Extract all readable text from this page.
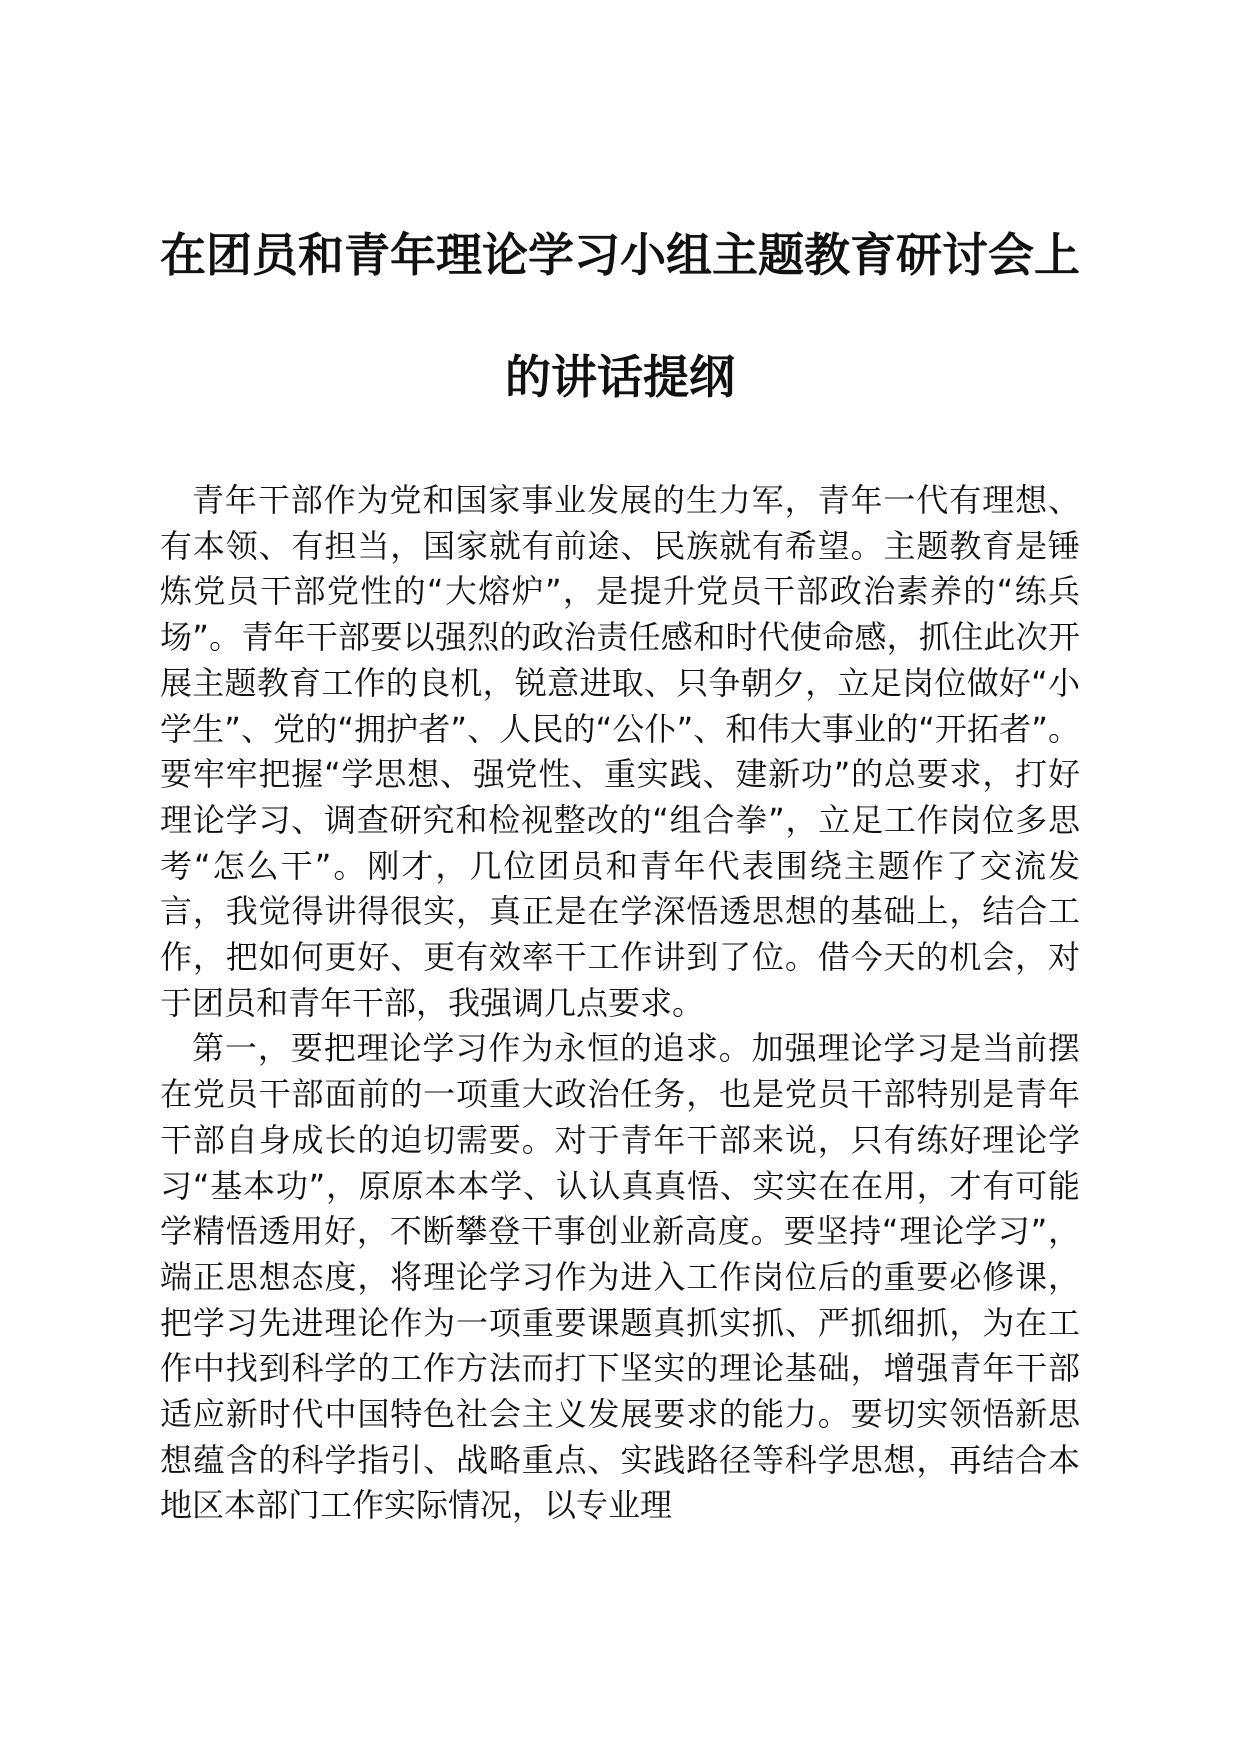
在团员和青年理论学习小组主题教育研讨会上
的讲话提纲

青年干部作为党和国家事业发展的生力军，青年一代有理想、有本领、有担当，国家就有前途、民族就有希望。主题教育是锤炼党员干部党性的“大熔炉”，是提升党员干部政治素养的“练兵场”。青年干部要以强烈的政治责任感和时代使命感，抓住此次开展主题教育工作的良机，锐意进取、只争朝夕，立足岗位做好“小学生”、党的“拥护者”、人民的“公仆”、和伟大事业的“开拓者”。要牢牢把握“学思想、强党性、重实践、建新功”的总要求，打好理论学习、调查研究和检视整改的“组合拳”，立足工作岗位多思考“怎么干”。刚才，几位团员和青年代表围绕主题作了交流发言，我觉得讲得很实，真正是在学深悟透思想的基础上，结合工作，把如何更好、更有效率干工作讲到了位。借今天的机会，对于团员和青年干部，我强调几点要求。

第一，要把理论学习作为永恒的追求。加强理论学习是当前摆在党员干部面前的一项重大政治任务，也是党员干部特别是青年干部自身成长的迫切需要。对于青年干部来说，只有练好理论学习“基本功”，原原本本学、认认真真悟、实实在在用，才有可能学精悟透用好，不断攀登干事创业新高度。要坚持“理论学习”，端正思想态度，将理论学习作为进入工作岗位后的重要必修课，把学习先进理论作为一项重要课题真抓实抓、严抓细抓，为在工作中找到科学的工作方法而打下坚实的理论基础，增强青年干部适应新时代中国特色社会主义发展要求的能力。要切实领悟新思想蕴含的科学指引、战略重点、实践路径等科学思想，再结合本地区本部门工作实际情况，以专业理
